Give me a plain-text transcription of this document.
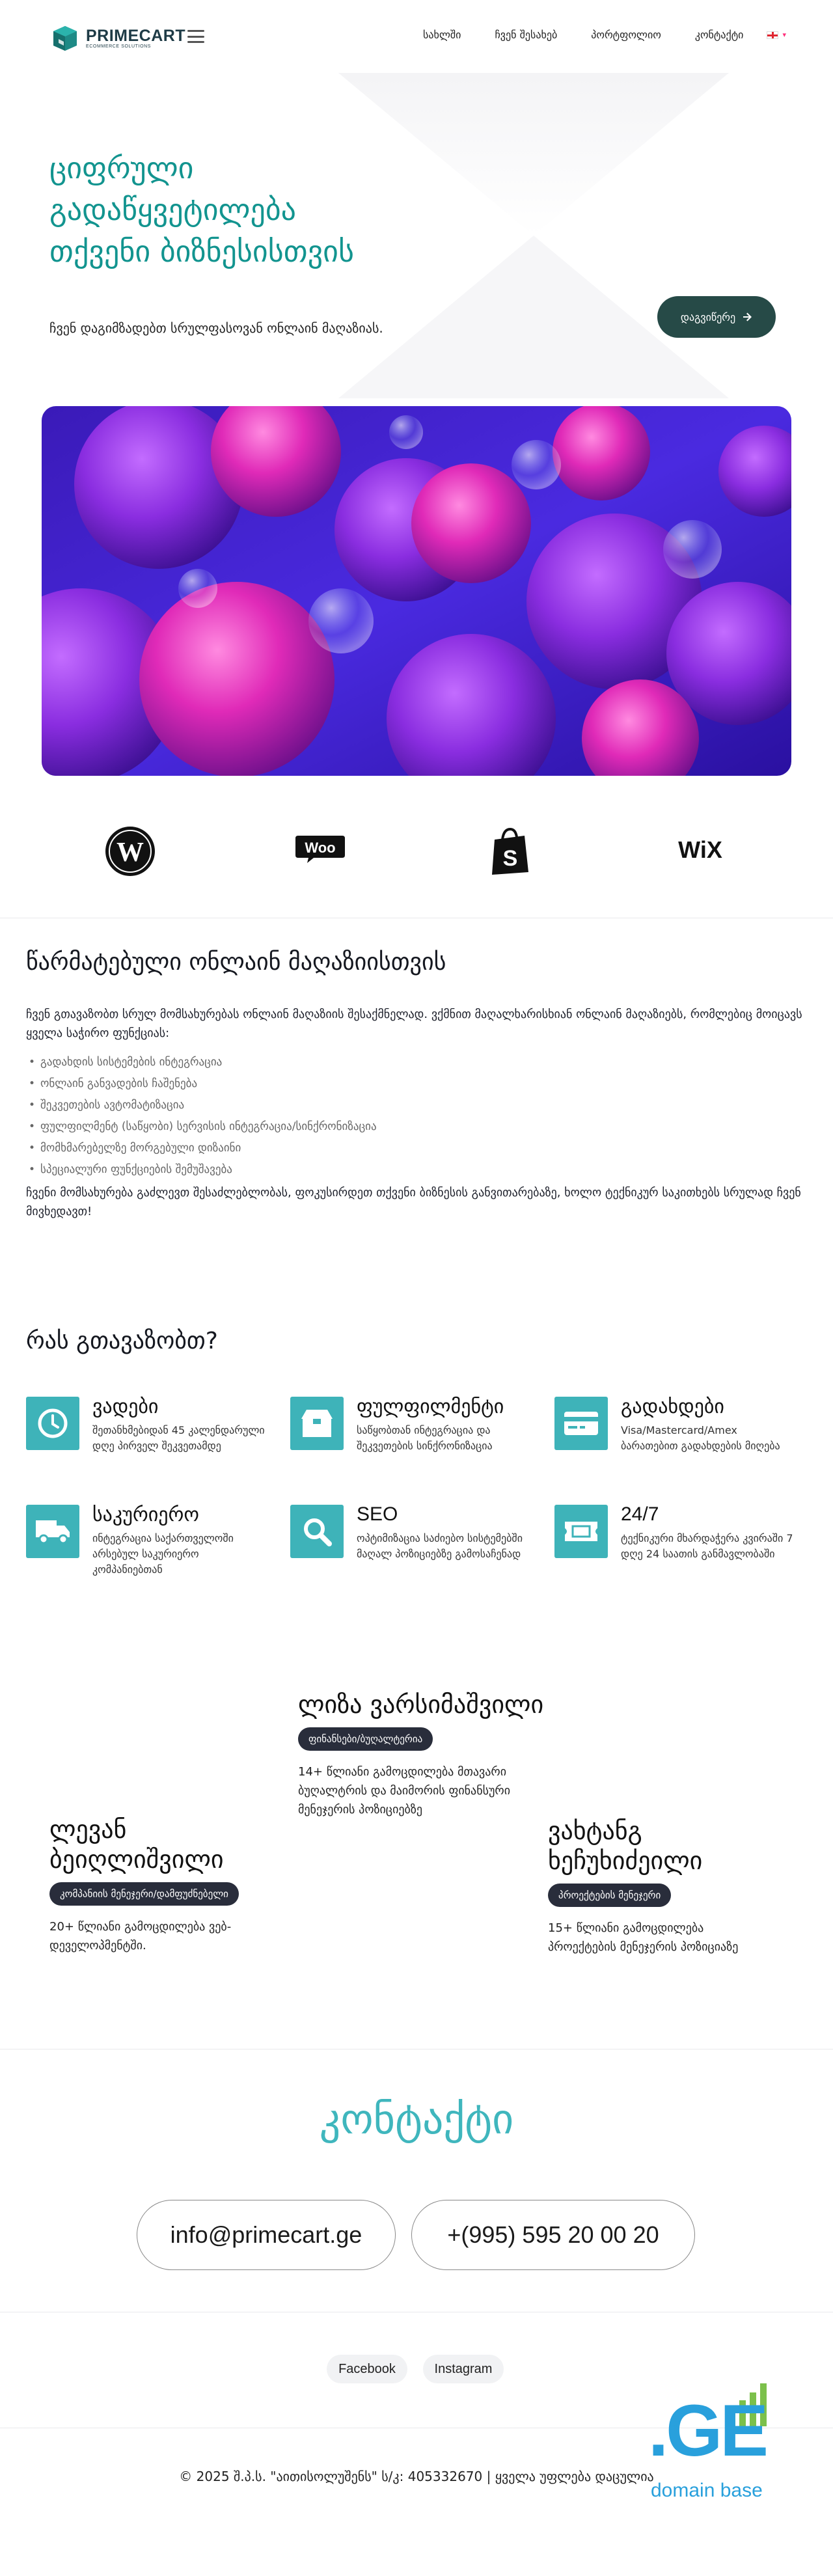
PRIMECART
ECOMMERCE SOLUTIONS
სახლში	ჩვენ შესახებ	პორტფოლიო	კონტაქტი	▾
ციფრული
გადაწყვეტილება
თქვენი ბიზნესისთვის
ჩვენ დაგიმზადებთ სრულფასოვან ონლაინ მაღაზიას.
დაგვიწერე
W	Woo	S	WiX
წარმატებული ონლაინ მაღაზიისთვის
ჩვენ გთავაზობთ სრულ მომსახურებას ონლაინ მაღაზიის შესაქმნელად. ვქმნით მაღალხარისხიან ონლაინ მაღაზიებს, რომლებიც მოიცავს ყველა საჭირო ფუნქციას:
• გადახდის სისტემების ინტეგრაცია
• ონლაინ განვადების ჩაშენება
• შეკვეთების ავტომატიზაცია
• ფულფილმენტ (საწყობი) სერვისის ინტეგრაცია/სინქრონიზაცია
• მომხმარებელზე მორგებული დიზაინი
• სპეციალური ფუნქციების შემუშავება
ჩვენი მომსახურება გაძლევთ შესაძლებლობას, ფოკუსირდეთ თქვენი ბიზნესის განვითარებაზე, ხოლო ტექნიკურ საკითხებს სრულად ჩვენ მივხედავთ!
რას გთავაზობთ?
ვადები
შეთანხმებიდან 45 კალენდარული დღე პირველ შეკვეთამდე
ფულფილმენტი
საწყობთან ინტეგრაცია და შეკვეთების სინქრონიზაცია
გადახდები
Visa/Mastercard/Amex ბარათებით გადახდების მიღება
საკურიერო
ინტეგრაცია საქართველოში არსებულ საკურიერო კომპანიებთან
SEO
ოპტიმიზაცია საძიებო სისტემებში მაღალ პოზიციებზე გამოსაჩენად
24/7
ტექნიკური მხარდაჭერა კვირაში 7 დღე 24 საათის განმავლობაში
ლევან ბეიღლიშვილი
კომპანიის მენეჯერი/დამფუძნებელი
20+ წლიანი გამოცდილება ვებ-დეველოპმენტში.
ლიზა ვარსიმაშვილი
ფინანსები/ბუღალტერია
14+ წლიანი გამოცდილება მთავარი ბუღალტრის და მაიმორის ფინანსური მენეჯერის პოზიციებზე
ვახტანგ ხეჩუხიძეილი
პროექტების მენეჯერი
15+ წლიანი გამოცდილება პროექტების მენეჯერის პოზიციაზე
კონტაქტი
info@primecart.ge	+(995) 595 20 00 20
Facebook	Instagram
© 2025 შ.პ.ს. "აითისოლუშენს" ს/კ: 405332670 | ყველა უფლება დაცულია
.GE
domain base
